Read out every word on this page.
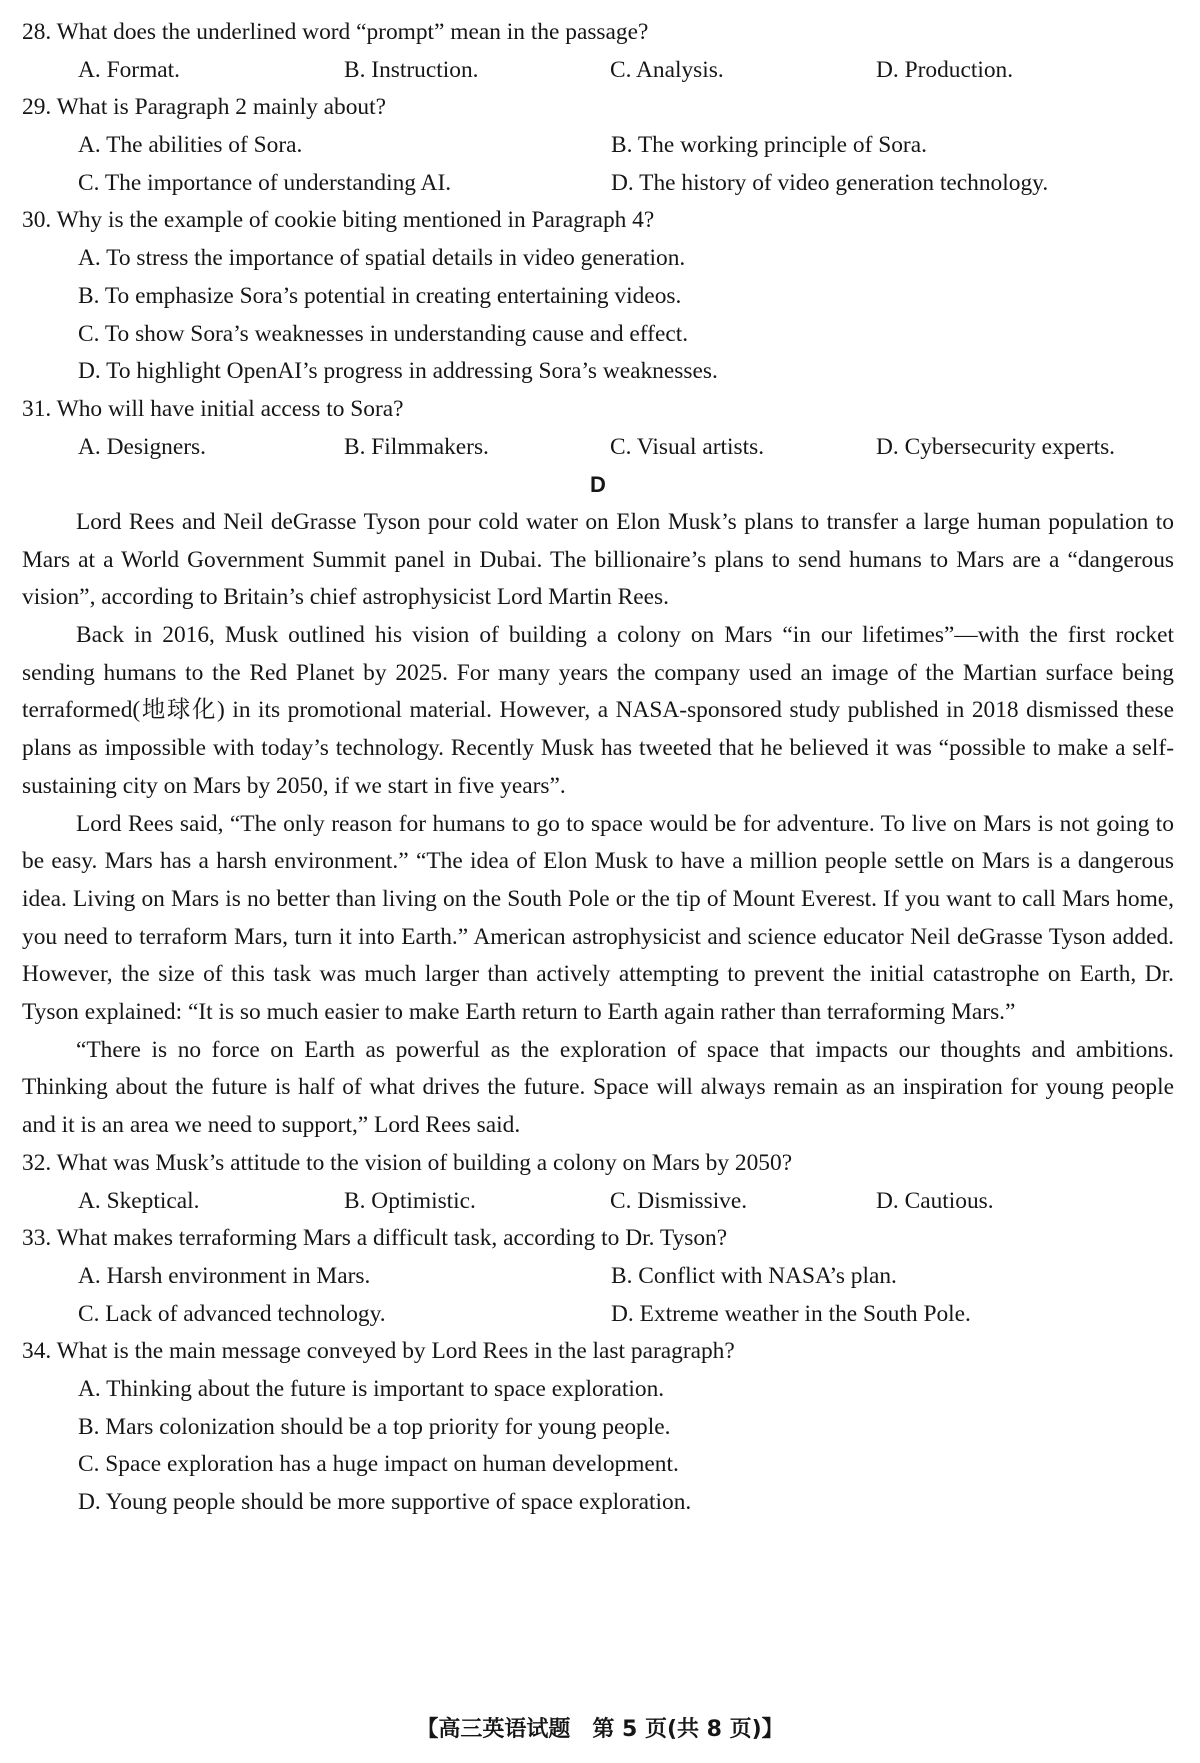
28. What does the underlined word “prompt” mean in the passage?
A. Format.	B. Instruction.	C. Analysis.	D. Production.
29. What is Paragraph 2 mainly about?
A. The abilities of Sora.	B. The working principle of Sora.
C. The importance of understanding AI.	D. The history of video generation technology.
30. Why is the example of cookie biting mentioned in Paragraph 4?
A. To stress the importance of spatial details in video generation.
B. To emphasize Sora’s potential in creating entertaining videos.
C. To show Sora’s weaknesses in understanding cause and effect.
D. To highlight OpenAI’s progress in addressing Sora’s weaknesses.
31. Who will have initial access to Sora?
A. Designers.	B. Filmmakers.	C. Visual artists.	D. Cybersecurity experts.
D
Lord Rees and Neil deGrasse Tyson pour cold water on Elon Musk’s plans to transfer a large human population to Mars at a World Government Summit panel in Dubai. The billionaire’s plans to send humans to Mars are a “dangerous vision”, according to Britain’s chief astrophysicist Lord Martin Rees.
Back in 2016, Musk outlined his vision of building a colony on Mars “in our lifetimes”—with the first rocket sending humans to the Red Planet by 2025. For many years the company used an image of the Martian surface being terraformed(地球化) in its promotional material. However, a NASA-sponsored study published in 2018 dismissed these plans as impossible with today’s technology. Recently Musk has tweeted that he believed it was “possible to make a self-sustaining city on Mars by 2050, if we start in five years”.
Lord Rees said, “The only reason for humans to go to space would be for adventure. To live on Mars is not going to be easy. Mars has a harsh environment.” “The idea of Elon Musk to have a million people settle on Mars is a dangerous idea. Living on Mars is no better than living on the South Pole or the tip of Mount Everest. If you want to call Mars home, you need to terraform Mars, turn it into Earth.” American astrophysicist and science educator Neil deGrasse Tyson added. However, the size of this task was much larger than actively attempting to prevent the initial catastrophe on Earth, Dr. Tyson explained: “It is so much easier to make Earth return to Earth again rather than terraforming Mars.”
“There is no force on Earth as powerful as the exploration of space that impacts our thoughts and ambitions. Thinking about the future is half of what drives the future. Space will always remain as an inspiration for young people and it is an area we need to support,” Lord Rees said.
32. What was Musk’s attitude to the vision of building a colony on Mars by 2050?
A. Skeptical.	B. Optimistic.	C. Dismissive.	D. Cautious.
33. What makes terraforming Mars a difficult task, according to Dr. Tyson?
A. Harsh environment in Mars.	B. Conflict with NASA’s plan.
C. Lack of advanced technology.	D. Extreme weather in the South Pole.
34. What is the main message conveyed by Lord Rees in the last paragraph?
A. Thinking about the future is important to space exploration.
B. Mars colonization should be a top priority for young people.
C. Space exploration has a huge impact on human development.
D. Young people should be more supportive of space exploration.
【高三英语试题　第 5 页(共 8 页)】
